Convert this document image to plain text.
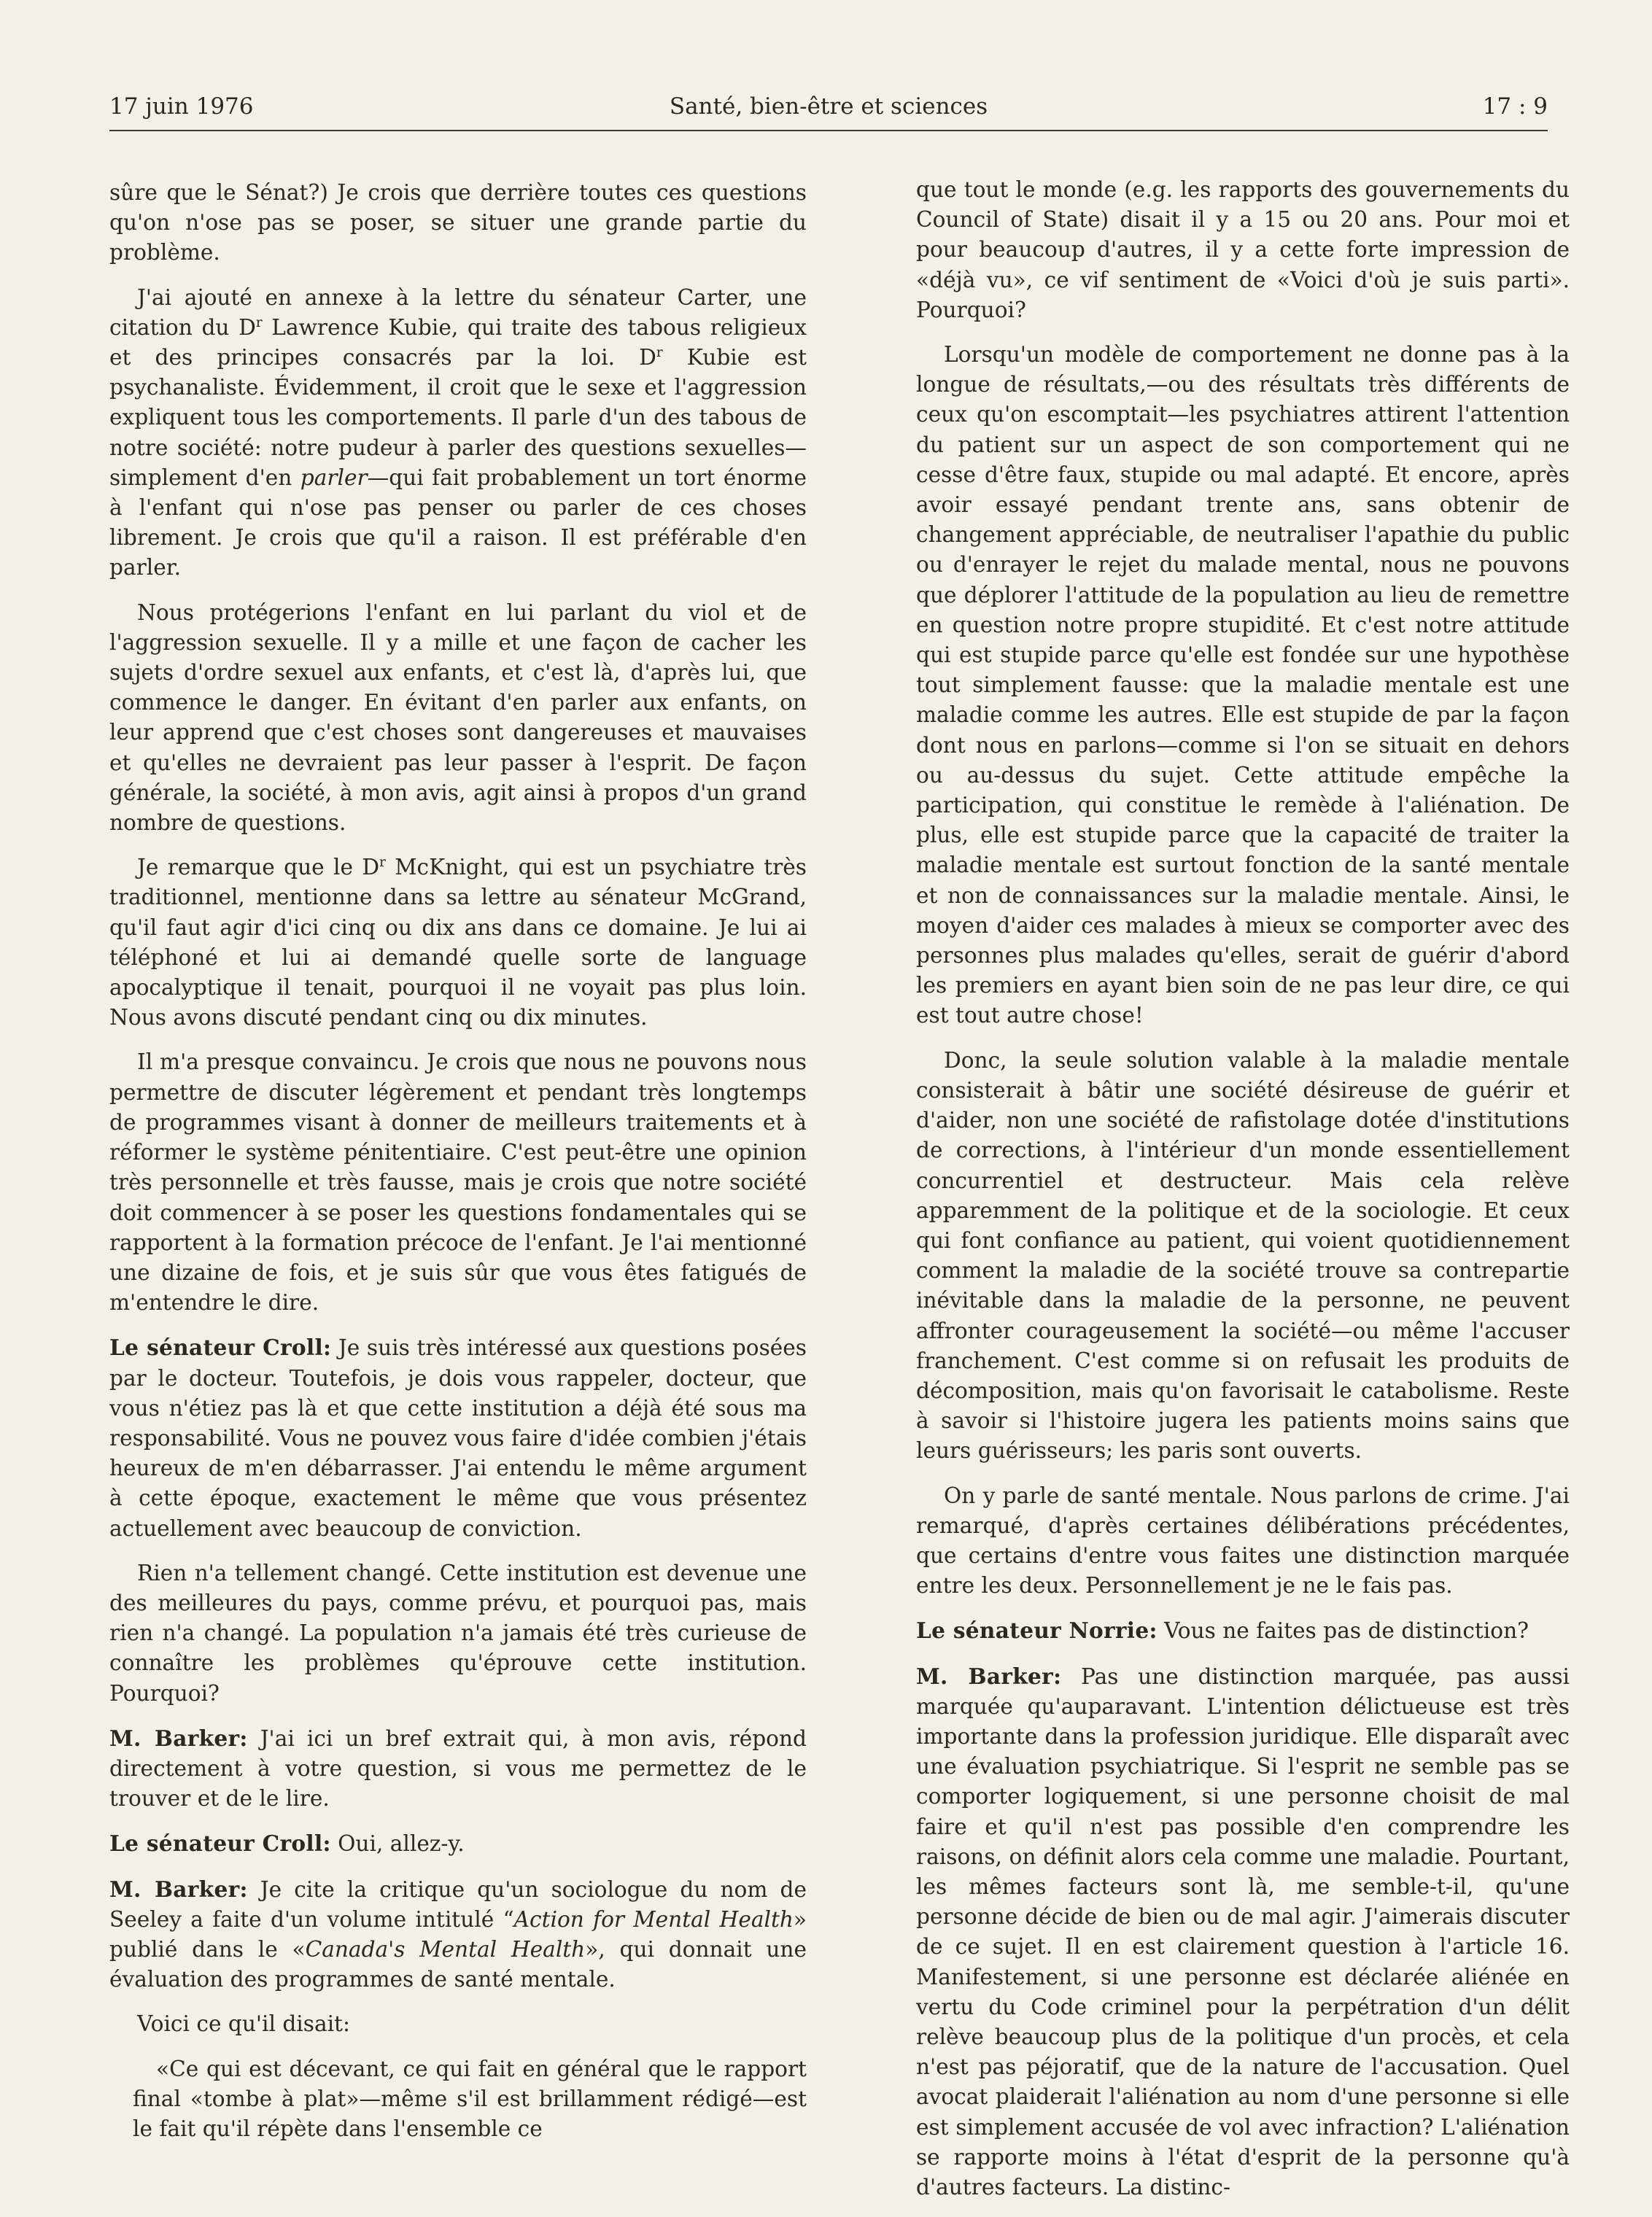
17 juin 1976	Santé, bien-être et sciences	17 : 9

sûre que le Sénat?) Je crois que derrière toutes ces questions qu'on n'ose pas se poser, se situer une grande partie du problème.

J'ai ajouté en annexe à la lettre du sénateur Carter, une citation du $D^r$ Lawrence Kubie, qui traite des tabous religieux et des principes consacrés par la loi. $D^r$ Kubie est psychanaliste. Évidemment, il croit que le sexe et l'aggression expliquent tous les comportements. Il parle d'un des tabous de notre société: notre pudeur à parler des questions sexuelles—simplement d'en parler—qui fait probablement un tort énorme à l'enfant qui n'ose pas penser ou parler de ces choses librement. Je crois que qu'il a raison. Il est préférable d'en parler.

Nous protégerions l'enfant en lui parlant du viol et de l'aggression sexuelle. Il y a mille et une façon de cacher les sujets d'ordre sexuel aux enfants, et c'est là, d'après lui, que commence le danger. En évitant d'en parler aux enfants, on leur apprend que c'est choses sont dangereuses et mauvaises et qu'elles ne devraient pas leur passer à l'esprit. De façon générale, la société, à mon avis, agit ainsi à propos d'un grand nombre de questions.

Je remarque que le $D^r$ McKnight, qui est un psychiatre très traditionnel, mentionne dans sa lettre au sénateur McGrand, qu'il faut agir d'ici cinq ou dix ans dans ce domaine. Je lui ai téléphoné et lui ai demandé quelle sorte de language apocalyptique il tenait, pourquoi il ne voyait pas plus loin. Nous avons discuté pendant cinq ou dix minutes.

Il m'a presque convaincu. Je crois que nous ne pouvons nous permettre de discuter légèrement et pendant très longtemps de programmes visant à donner de meilleurs traitements et à réformer le système pénitentiaire. C'est peut-être une opinion très personnelle et très fausse, mais je crois que notre société doit commencer à se poser les questions fondamentales qui se rapportent à la formation précoce de l'enfant. Je l'ai mentionné une dizaine de fois, et je suis sûr que vous êtes fatigués de m'entendre le dire.

Le sénateur Croll: Je suis très intéressé aux questions posées par le docteur. Toutefois, je dois vous rappeler, docteur, que vous n'étiez pas là et que cette institution a déjà été sous ma responsabilité. Vous ne pouvez vous faire d'idée combien j'étais heureux de m'en débarrasser. J'ai entendu le même argument à cette époque, exactement le même que vous présentez actuellement avec beaucoup de conviction.

Rien n'a tellement changé. Cette institution est devenue une des meilleures du pays, comme prévu, et pourquoi pas, mais rien n'a changé. La population n'a jamais été très curieuse de connaître les problèmes qu'éprouve cette institution. Pourquoi?

M. Barker: J'ai ici un bref extrait qui, à mon avis, répond directement à votre question, si vous me permettez de le trouver et de le lire.

Le sénateur Croll: Oui, allez-y.

M. Barker: Je cite la critique qu'un sociologue du nom de Seeley a faite d'un volume intitulé “Action for Mental Health» publié dans le «Canada's Mental Health», qui donnait une évaluation des programmes de santé mentale.

Voici ce qu'il disait:

«Ce qui est décevant, ce qui fait en général que le rapport final «tombe à plat»—même s'il est brillamment rédigé—est le fait qu'il répète dans l'ensemble ce

que tout le monde (e.g. les rapports des gouvernements du Council of State) disait il y a 15 ou 20 ans. Pour moi et pour beaucoup d'autres, il y a cette forte impression de «déjà vu», ce vif sentiment de «Voici d'où je suis parti». Pourquoi?

Lorsqu'un modèle de comportement ne donne pas à la longue de résultats,—ou des résultats très différents de ceux qu'on escomptait—les psychiatres attirent l'attention du patient sur un aspect de son comportement qui ne cesse d'être faux, stupide ou mal adapté. Et encore, après avoir essayé pendant trente ans, sans obtenir de changement appréciable, de neutraliser l'apathie du public ou d'enrayer le rejet du malade mental, nous ne pouvons que déplorer l'attitude de la population au lieu de remettre en question notre propre stupidité. Et c'est notre attitude qui est stupide parce qu'elle est fondée sur une hypothèse tout simplement fausse: que la maladie mentale est une maladie comme les autres. Elle est stupide de par la façon dont nous en parlons—comme si l'on se situait en dehors ou au-dessus du sujet. Cette attitude empêche la participation, qui constitue le remède à l'aliénation. De plus, elle est stupide parce que la capacité de traiter la maladie mentale est surtout fonction de la santé mentale et non de connaissances sur la maladie mentale. Ainsi, le moyen d'aider ces malades à mieux se comporter avec des personnes plus malades qu'elles, serait de guérir d'abord les premiers en ayant bien soin de ne pas leur dire, ce qui est tout autre chose!

Donc, la seule solution valable à la maladie mentale consisterait à bâtir une société désireuse de guérir et d'aider, non une société de rafistolage dotée d'institutions de corrections, à l'intérieur d'un monde essentiellement concurrentiel et destructeur. Mais cela relève apparemment de la politique et de la sociologie. Et ceux qui font confiance au patient, qui voient quotidiennement comment la maladie de la société trouve sa contrepartie inévitable dans la maladie de la personne, ne peuvent affronter courageusement la société—ou même l'accuser franchement. C'est comme si on refusait les produits de décomposition, mais qu'on favorisait le catabolisme. Reste à savoir si l'histoire jugera les patients moins sains que leurs guérisseurs; les paris sont ouverts.

On y parle de santé mentale. Nous parlons de crime. J'ai remarqué, d'après certaines délibérations précédentes, que certains d'entre vous faites une distinction marquée entre les deux. Personnellement je ne le fais pas.

Le sénateur Norrie: Vous ne faites pas de distinction?

M. Barker: Pas une distinction marquée, pas aussi marquée qu'auparavant. L'intention délictueuse est très importante dans la profession juridique. Elle disparaît avec une évaluation psychiatrique. Si l'esprit ne semble pas se comporter logiquement, si une personne choisit de mal faire et qu'il n'est pas possible d'en comprendre les raisons, on définit alors cela comme une maladie. Pourtant, les mêmes facteurs sont là, me semble-t-il, qu'une personne décide de bien ou de mal agir. J'aimerais discuter de ce sujet. Il en est clairement question à l'article 16. Manifestement, si une personne est déclarée aliénée en vertu du Code criminel pour la perpétration d'un délit relève beaucoup plus de la politique d'un procès, et cela n'est pas péjoratif, que de la nature de l'accusation. Quel avocat plaiderait l'aliénation au nom d'une personne si elle est simplement accusée de vol avec infraction? L'aliénation se rapporte moins à l'état d'esprit de la personne qu'à d'autres facteurs. La distinc-
